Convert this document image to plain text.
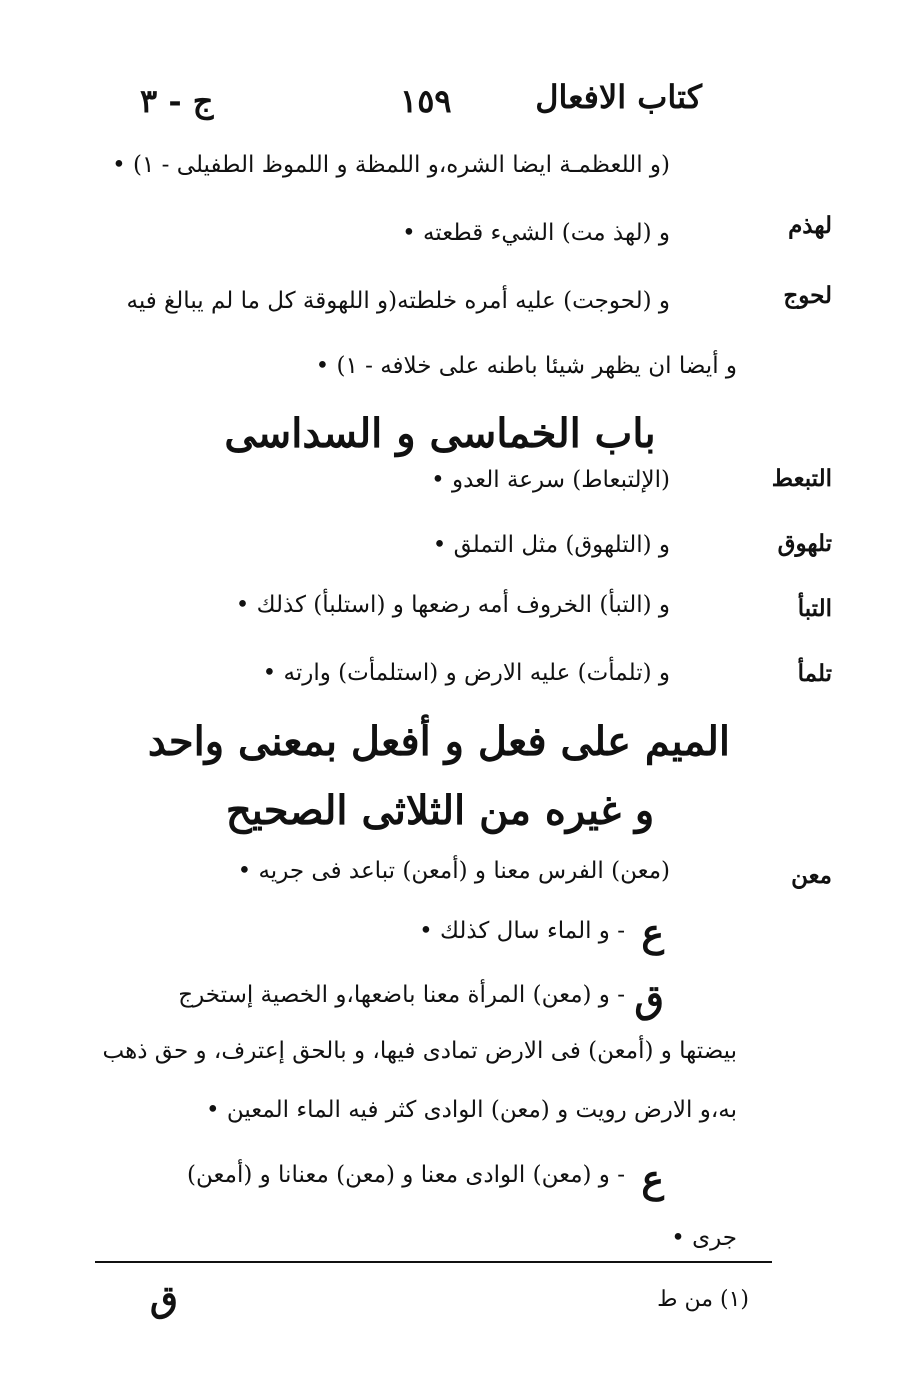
كتاب الافعال
١٥٩
ج - ٣
(و اللعظمـة ايضا الشره،و اللمظة و اللموظ الطفيلى - ١) •
لهذم
و (لهذ مت) الشيء قطعته •
لحوج
و (لحوجت) عليه أمره خلطته(و اللهوقة كل ما لم يبالغ فيه
و أيضا ان يظهر شيئا باطنه على خلافه - ١) •
باب الخماسى و السداسى
التبعط
(الإلتبعاط) سرعة العدو •
تلهوق
و (التلهوق) مثل التملق •
التبأ
و (التبأ) الخروف أمه رضعها و (استلبأ) كذلك •
تلمأ
و (تلمأت) عليه الارض و (استلمأت) وارته •
الميم على فعل و أفعل بمعنى واحد
و غيره من الثلاثى الصحيح
معن
(معن) الفرس معنا و (أمعن) تباعد فى جريه •
ع
- و الماء سال كذلك •
ق
- و (معن) المرأة معنا باضعها،و الخصية إستخرج
بيضتها و (أمعن) فى الارض تمادى فيها، و بالحق إعترف، و حق ذهب
به،و الارض رويت و (معن) الوادى كثر فيه الماء المعين •
ع
- و (معن) الوادى معنا و (معن) معنانا و (أمعن)
جرى •
(١) من ط
ق
